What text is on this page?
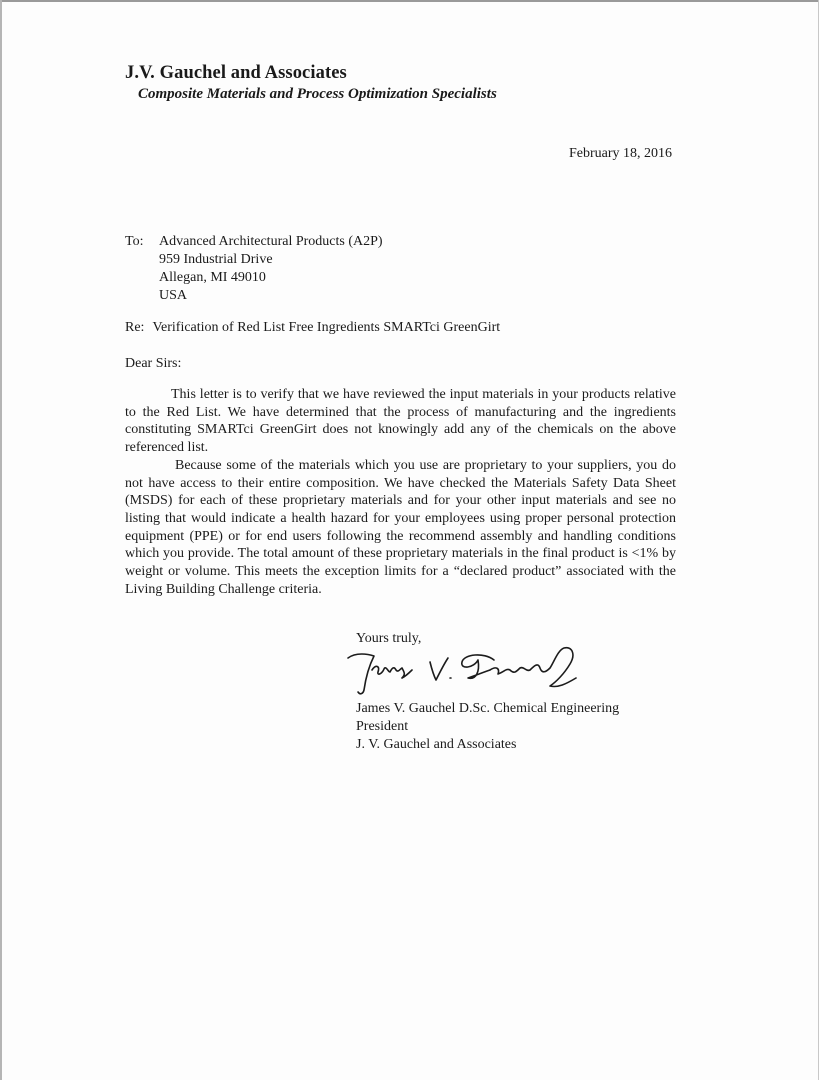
J.V. Gauchel and Associates
Composite Materials and Process Optimization Specialists
February 18, 2016
To: Advanced Architectural Products (A2P)
959 Industrial Drive
Allegan, MI 49010
USA
Re: Verification of Red List Free Ingredients SMARTci GreenGirt
Dear Sirs:

This letter is to verify that we have reviewed the input materials in your products relative to the Red List. We have determined that the process of manufacturing and the ingredients constituting SMARTci GreenGirt does not knowingly add any of the chemicals on the above referenced list.

Because some of the materials which you use are proprietary to your suppliers, you do not have access to their entire composition. We have checked the Materials Safety Data Sheet (MSDS) for each of these proprietary materials and for your other input materials and see no listing that would indicate a health hazard for your employees using proper personal protection equipment (PPE) or for end users following the recommend assembly and handling conditions which you provide. The total amount of these proprietary materials in the final product is <1% by weight or volume. This meets the exception limits for a “declared product” associated with the Living Building Challenge criteria.

Yours truly,
James V. Gauchel D.Sc. Chemical Engineering
President
J. V. Gauchel and Associates
